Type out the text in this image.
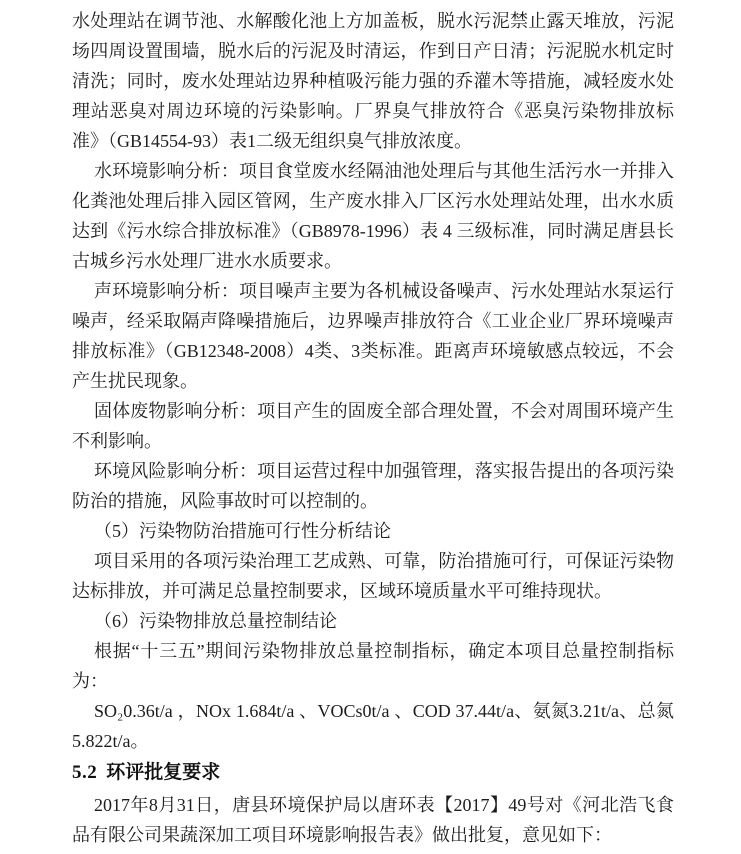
水处理站在调节池、水解酸化池上方加盖板，脱水污泥禁止露天堆放，污泥场四周设置围墙，脱水后的污泥及时清运，作到日产日清；污泥脱水机定时清洗；同时，废水处理站边界种植吸污能力强的乔灌木等措施，减轻废水处理站恶臭对周边环境的污染影响。厂界臭气排放符合《恶臭污染物排放标准》（GB14554-93）表1二级无组织臭气排放浓度。

水环境影响分析：项目食堂废水经隔油池处理后与其他生活污水一并排入化粪池处理后排入园区管网，生产废水排入厂区污水处理站处理，出水水质达到《污水综合排放标准》（GB8978-1996）表 4 三级标准，同时满足唐县长古城乡污水处理厂进水水质要求。

声环境影响分析：项目噪声主要为各机械设备噪声、污水处理站水泵运行噪声，经采取隔声降噪措施后，边界噪声排放符合《工业企业厂界环境噪声排放标准》（GB12348-2008）4类、3类标准。距离声环境敏感点较远，不会产生扰民现象。

固体废物影响分析：项目产生的固废全部合理处置，不会对周围环境产生不利影响。

环境风险影响分析：项目运营过程中加强管理，落实报告提出的各项污染防治的措施，风险事故时可以控制的。

（5）污染物防治措施可行性分析结论

项目采用的各项污染治理工艺成熟、可靠，防治措施可行，可保证污染物达标排放，并可满足总量控制要求，区域环境质量水平可维持现状。

（6）污染物排放总量控制结论

根据“十三五”期间污染物排放总量控制指标，确定本项目总量控制指标为：

SO₂0.36t/a ，NOx 1.684t/a 、VOCs0t/a 、COD 37.44t/a、氨氮3.21t/a、总氮5.822t/a。

5.2 环评批复要求

2017年8月31日，唐县环境保护局以唐环表【2017】49号对《河北浩飞食品有限公司果蔬深加工项目环境影响报告表》做出批复，意见如下：
